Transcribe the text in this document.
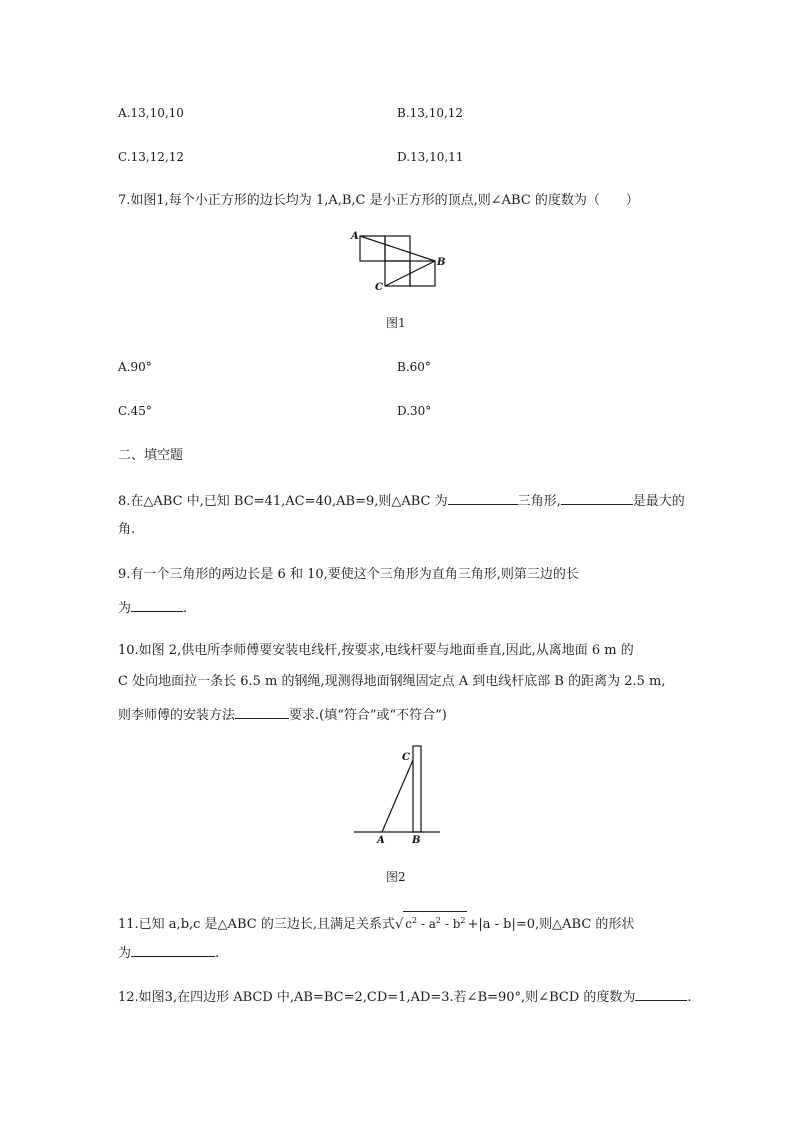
A.13,10,10	B.13,10,12
C.13,12,12	D.13,10,11
7.如图1,每个小正方形的边长均为 1,A,B,C 是小正方形的顶点,则∠ABC 的度数为（　　）
A
B
C
图1
A.90°	B.60°
C.45°	D.30°
二、填空题
8.在△ABC 中,已知 BC=41,AC=40,AB=9,则△ABC 为	三角形,	是最大的
角.
9.有一个三角形的两边长是 6 和 10,要使这个三角形为直角三角形,则第三边的长
为	.
10.如图 2,供电所李师傅要安装电线杆,按要求,电线杆要与地面垂直,因此,从离地面 6 m 的
C 处向地面拉一条长 6.5 m 的钢绳,现测得地面钢绳固定点 A 到电线杆底部 B 的距离为 2.5 m,
则李师傅的安装方法	要求.(填“符合”或“不符合”)
C
A	B
图2
11.已知 a,b,c 是△ABC 的三边长,且满足关系式√ $c^2 - a^2 - b^2 +|a - b|=0$,则△ABC 的形状
为	.
12.如图3,在四边形 ABCD 中,AB=BC=2,CD=1,AD=3.若∠B=90°,则∠BCD 的度数为	.
